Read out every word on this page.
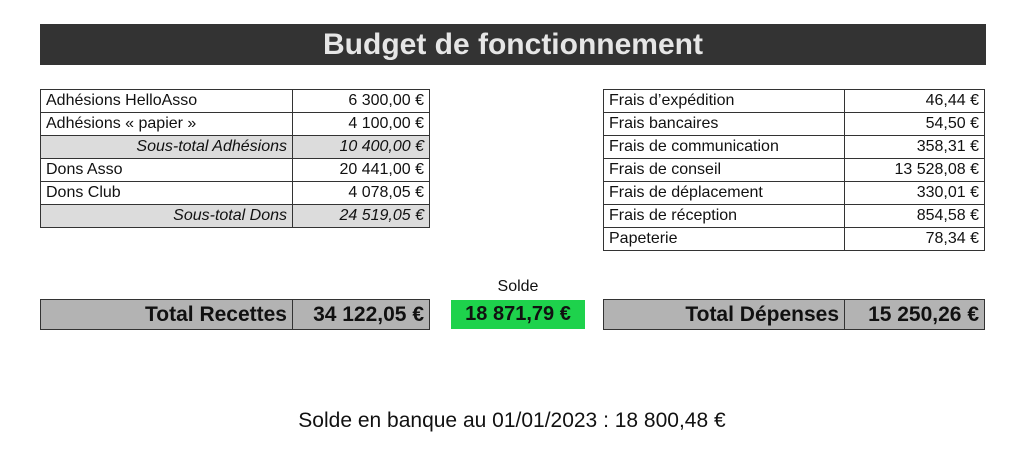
Budget de fonctionnement
Adhésions HelloAsso	6 300,00 €
Adhésions « papier »	4 100,00 €
Sous-total Adhésions	10 400,00 €
Dons Asso	20 441,00 €
Dons Club	4 078,05 €
Sous-total Dons	24 519,05 €
Frais d’expédition	46,44 €
Frais bancaires	54,50 €
Frais de communication	358,31 €
Frais de conseil	13 528,08 €
Frais de déplacement	330,01 €
Frais de réception	854,58 €
Papeterie	78,34 €
Solde
18 871,79 €
Total Recettes	34 122,05 €	Total Dépenses	15 250,26 €
Solde en banque au 01/01/2023 : 18 800,48 €
